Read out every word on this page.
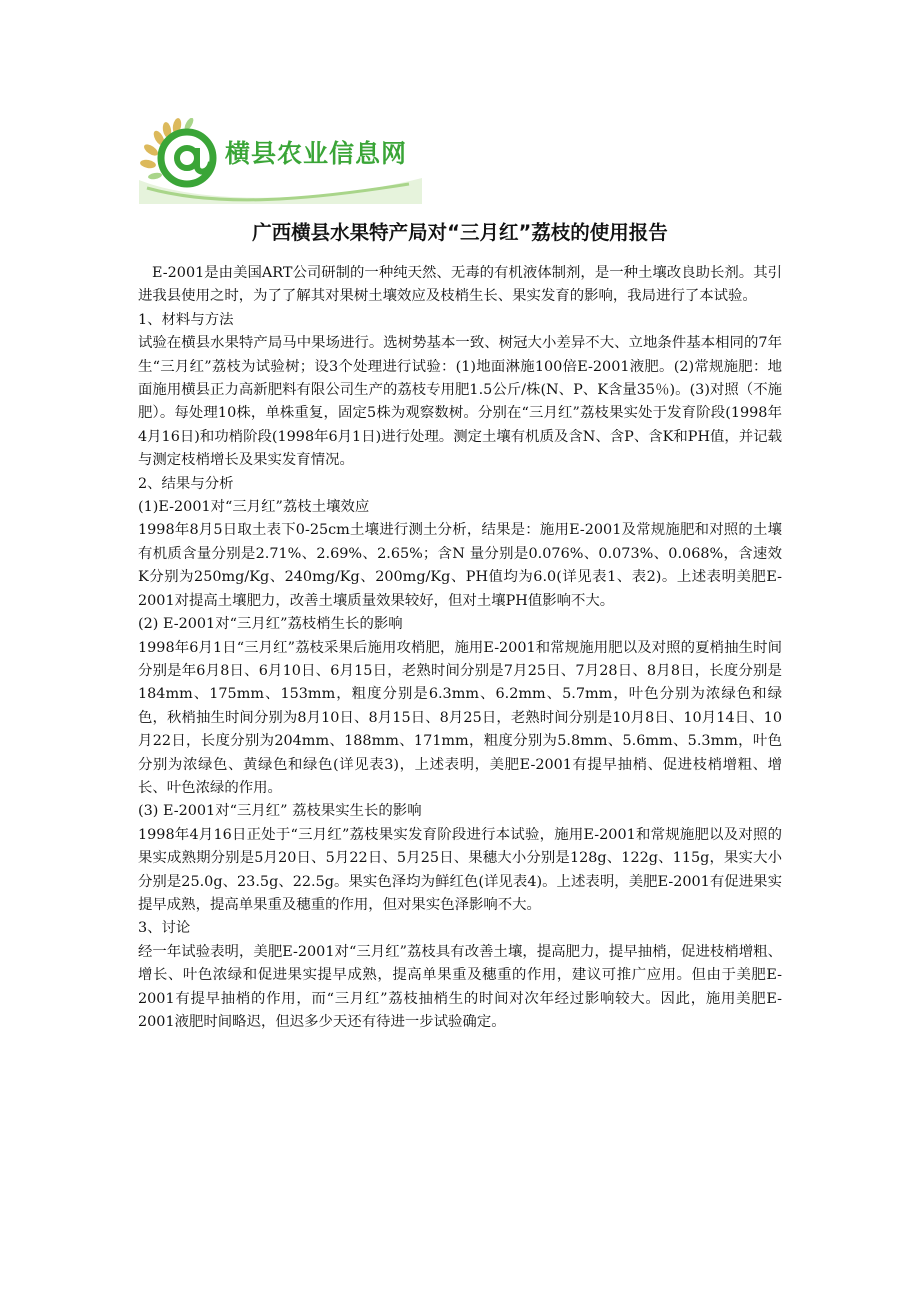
横县农业信息网
广西横县水果特产局对“三月红”荔枝的使用报告

E-2001是由美国ART公司研制的一种纯天然、无毒的有机液体制剂，是一种土壤改良助长剂。其引进我县使用之时，为了了解其对果树土壤效应及枝梢生长、果实发育的影响，我局进行了本试验。

1、材料与方法

试验在横县水果特产局马中果场进行。选树势基本一致、树冠大小差异不大、立地条件基本相同的7年生“三月红”荔枝为试验树；设3个处理进行试验：(1)地面淋施100倍E-2001液肥。(2)常规施肥：地面施用横县正力高新肥料有限公司生产的荔枝专用肥1.5公斤/株(N、P、K含量35％)。(3)对照（不施肥）。每处理10株，单株重复，固定5株为观察数树。分别在“三月红”荔枝果实处于发育阶段(1998年4月16日)和功梢阶段(1998年6月1日)进行处理。测定土壤有机质及含N、含P、含K和PH值，并记载与测定枝梢增长及果实发育情况。

2、结果与分析

(1)E-2001对“三月红”荔枝土壤效应

1998年8月5日取土表下0-25cm土壤进行测土分析，结果是：施用E-2001及常规施肥和对照的土壤有机质含量分别是2.71%、2.69%、2.65%；含N 量分别是0.076%、0.073%、0.068%，含速效K分别为250mg/Kg、240mg/Kg、200mg/Kg、PH值均为6.0(详见表1、表2)。上述表明美肥E-2001对提高土壤肥力，改善土壤质量效果较好，但对土壤PH值影响不大。

(2) E-2001对“三月红”荔枝梢生长的影响

1998年6月1日“三月红”荔枝采果后施用攻梢肥，施用E-2001和常规施用肥以及对照的夏梢抽生时间分别是年6月8日、6月10日、6月15日，老熟时间分别是7月25日、7月28日、8月8日，长度分别是184mm、175mm、153mm，粗度分别是6.3mm、6.2mm、5.7mm，叶色分别为浓绿色和绿色，秋梢抽生时间分别为8月10日、8月15日、8月25日，老熟时间分别是10月8日、10月14日、10月22日，长度分别为204mm、188mm、171mm，粗度分别为5.8mm、5.6mm、5.3mm，叶色分别为浓绿色、黄绿色和绿色(详见表3)，上述表明，美肥E-2001有提早抽梢、促进枝梢增粗、增长、叶色浓绿的作用。

(3) E-2001对“三月红” 荔枝果实生长的影响

1998年4月16日正处于“三月红”荔枝果实发育阶段进行本试验，施用E-2001和常规施肥以及对照的果实成熟期分别是5月20日、5月22日、5月25日、果穗大小分别是128g、122g、115g，果实大小分别是25.0g、23.5g、22.5g。果实色泽均为鲜红色(详见表4)。上述表明，美肥E-2001有促进果实提早成熟，提高单果重及穗重的作用，但对果实色泽影响不大。

3、讨论

经一年试验表明，美肥E-2001对“三月红”荔枝具有改善土壤，提高肥力，提早抽梢，促进枝梢增粗、增长、叶色浓绿和促进果实提早成熟，提高单果重及穗重的作用，建议可推广应用。但由于美肥E-2001有提早抽梢的作用，而“三月红”荔枝抽梢生的时间对次年经过影响较大。因此，施用美肥E-2001液肥时间略迟，但迟多少天还有待进一步试验确定。
